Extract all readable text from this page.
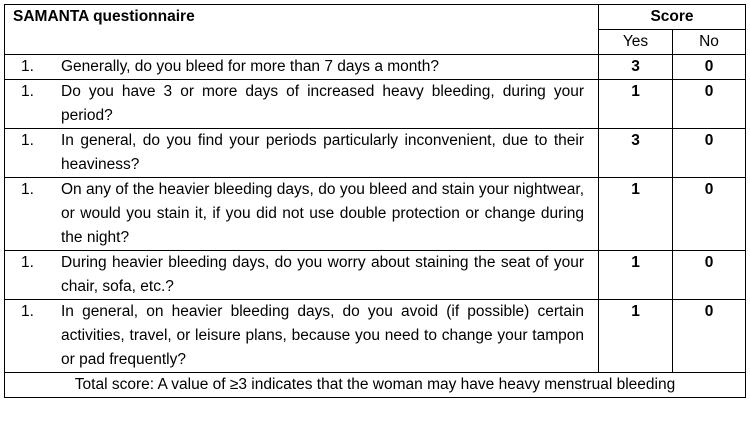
SAMANTA questionnaire	Score	
	Yes	No

1. Generally, do you bleed for more than 7 days a month?	3	0

1. Do you have 3 or more days of increased heavy bleeding, during your period?	1	0

1. In general, do you find your periods particularly inconvenient, due to their heaviness?	3	0

1. On any of the heavier bleeding days, do you bleed and stain your nightwear, or would you stain it, if you did not use double protection or change during the night?	1	0

1. During heavier bleeding days, do you worry about staining the seat of your chair, sofa, etc.?	1	0

1. In general, on heavier bleeding days, do you avoid (if possible) certain activities, travel, or leisure plans, because you need to change your tampon or pad frequently?	1	0
Total score: A value of ≥3 indicates that the woman may have heavy menstrual bleeding		
